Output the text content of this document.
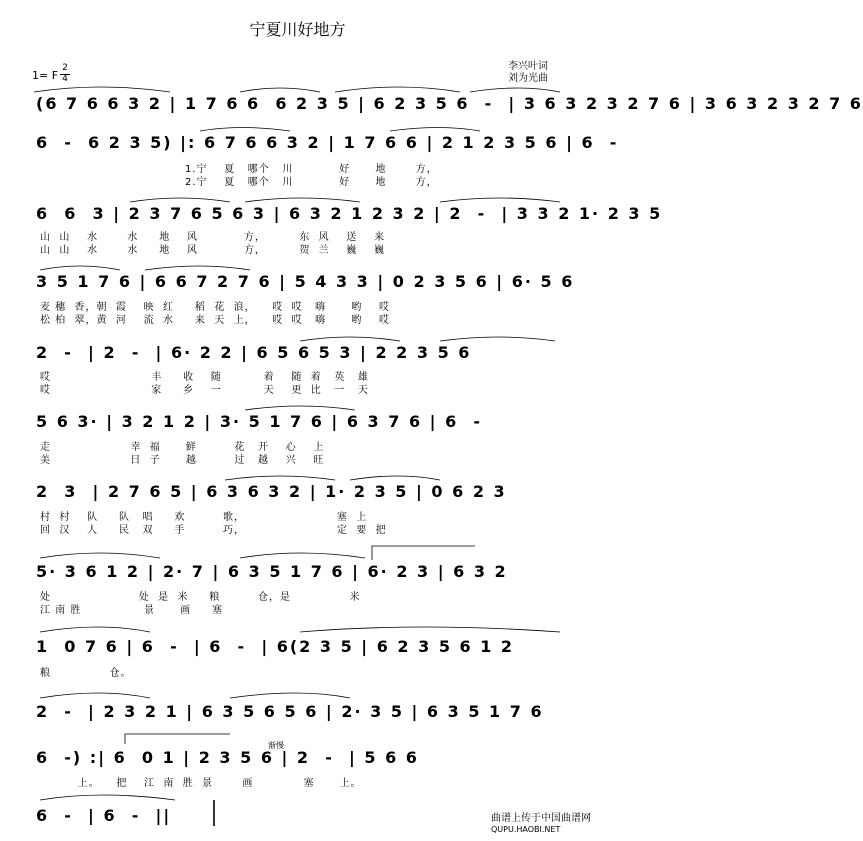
宁夏川好地方
李兴叶词
刘为光曲
1= F
2
4
(6 7 6 6 3 2 | 1 7 6 6  6 2 3 5 | 6 2 3 5 6  -  | 3 6 3 2 3 2 7 6 | 3 6 3 2 3 2 7 6
6  -  6 2 3 5) |: 6 7 6 6 3 2 | 1 7 6 6 | 2 1 2 3 5 6 | 6  -
1.宁    夏   哪个   川           好      地       方，
2.宁    夏   哪个   川           好      地       方，
6  6  3 | 2 3 7 6 5 6 3 | 6 3 2 1 2 3 2 | 2  -  | 3 3 2 1· 2 3 5
山  山    水       水     地    风           方，        东  风    送    来
山  山    水       水     地    风           方，        贺  兰    巍    巍
3 5 1 7 6 | 6 6 7 2 7 6 | 5 4 3 3 | 0 2 3 5 6 | 6· 5 6
麦 穗  香，朝  霞    映  红     稻  花  浪，    哎  哎   嗨      哟    哎
松 柏  翠，黄  河    流  水     来  天  上，    哎  哎   嗨      哟    哎
2  -  | 2  -  | 6· 2 2 | 6 5 6 5 3 | 2 2 3 5 6
哎                        丰     收    随          着    随  着   英   雄
哎                        家     乡    一          天    更  比   一   天
5 6 3· | 3 2 1 2 | 3· 5 1 7 6 | 6 3 7 6 | 6  -
走                   幸  福      鲜         花   开    心    上
美                   日  子      越         过   越    兴    旺
2  3  | 2 7 6 5 | 6 3 6 3 2 | 1· 2 3 5 | 0 6 2 3
村  村    队     队   唱     欢         歌，                      塞  上
回  汉    人     民   双     手         巧，                      定  要  把
5· 3 6 1 2 | 2· 7 | 6 3 5 1 7 6 | 6· 2 3 | 6 3 2
处                     处  是  米     粮         仓，是              米
江 南 胜               景      画     塞
1  0 7 6 | 6  -  | 6  -  | 6(2 3 5 | 6 2 3 5 6 1 2
粮              仓。
2  -  | 2 3 2 1 | 6 3 5 6 5 6 | 2· 3 5 | 6 3 5 1 7 6
6  -) :| 6  0 1 | 2 3 5 6 | 2  -  | 5 6 6
上。    把    江  南  胜  景       画            塞      上。
6  -  | 6  -  ||
渐慢
曲谱上传于中国曲谱网
QUPU.HAOBI.NET
